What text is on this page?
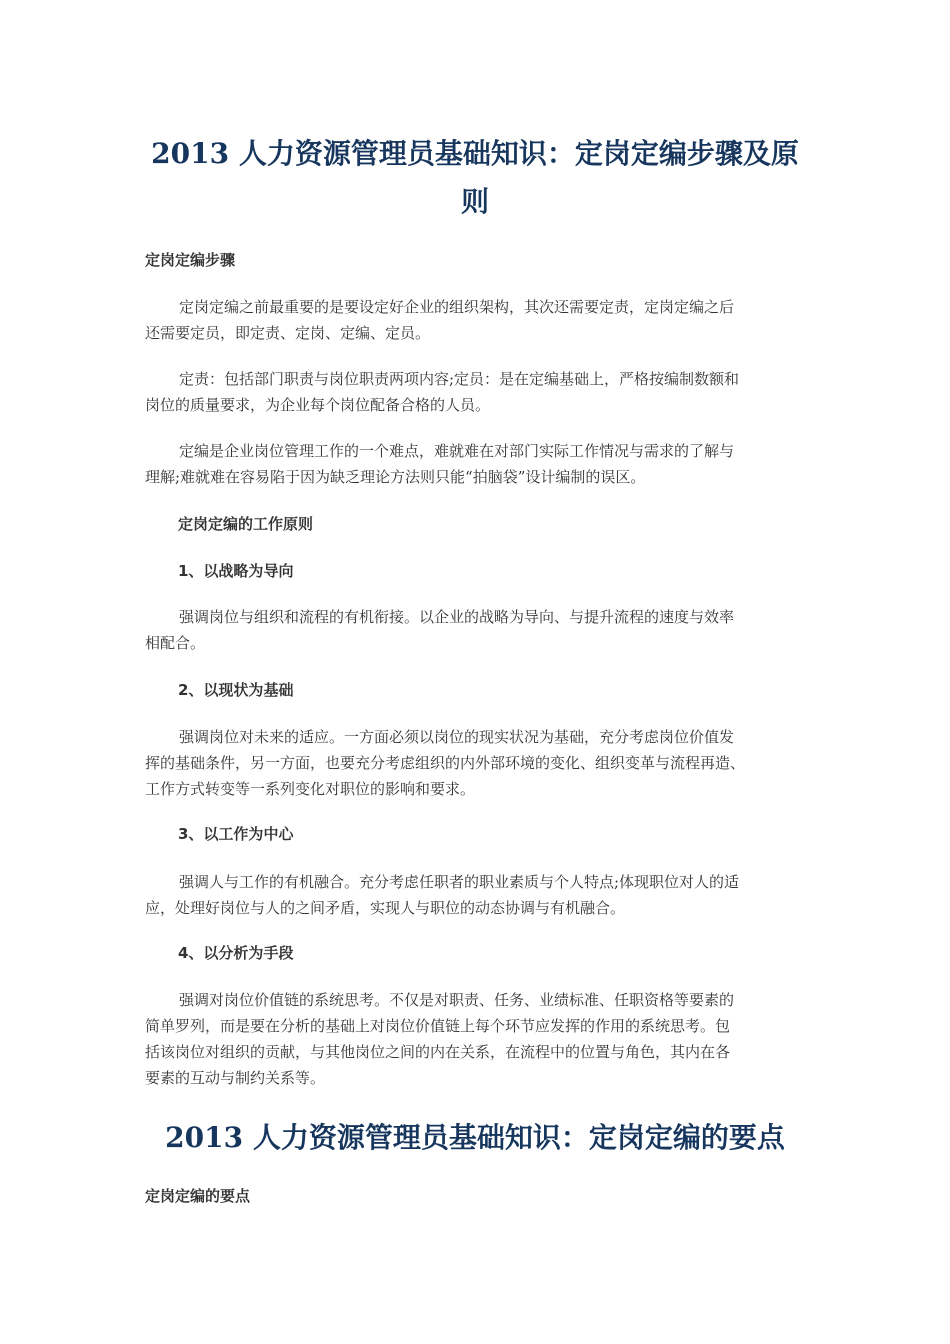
2013 人力资源管理员基础知识：定岗定编步骤及原
则
定岗定编步骤

定岗定编之前最重要的是要设定好企业的组织架构，其次还需要定责，定岗定编之后
还需要定员，即定责、定岗、定编、定员。

定责：包括部门职责与岗位职责两项内容;定员：是在定编基础上，严格按编制数额和
岗位的质量要求，为企业每个岗位配备合格的人员。

定编是企业岗位管理工作的一个难点，难就难在对部门实际工作情况与需求的了解与
理解;难就难在容易陷于因为缺乏理论方法则只能“拍脑袋”设计编制的误区。

定岗定编的工作原则
1、以战略为导向

强调岗位与组织和流程的有机衔接。以企业的战略为导向、与提升流程的速度与效率
相配合。

2、以现状为基础

强调岗位对未来的适应。一方面必须以岗位的现实状况为基础，充分考虑岗位价值发
挥的基础条件，另一方面，也要充分考虑组织的内外部环境的变化、组织变革与流程再造、
工作方式转变等一系列变化对职位的影响和要求。

3、以工作为中心

强调人与工作的有机融合。充分考虑任职者的职业素质与个人特点;体现职位对人的适
应，处理好岗位与人的之间矛盾，实现人与职位的动态协调与有机融合。

4、以分析为手段

强调对岗位价值链的系统思考。不仅是对职责、任务、业绩标准、任职资格等要素的
简单罗列，而是要在分析的基础上对岗位价值链上每个环节应发挥的作用的系统思考。包
括该岗位对组织的贡献，与其他岗位之间的内在关系，在流程中的位置与角色，其内在各
要素的互动与制约关系等。

2013 人力资源管理员基础知识：定岗定编的要点
定岗定编的要点
